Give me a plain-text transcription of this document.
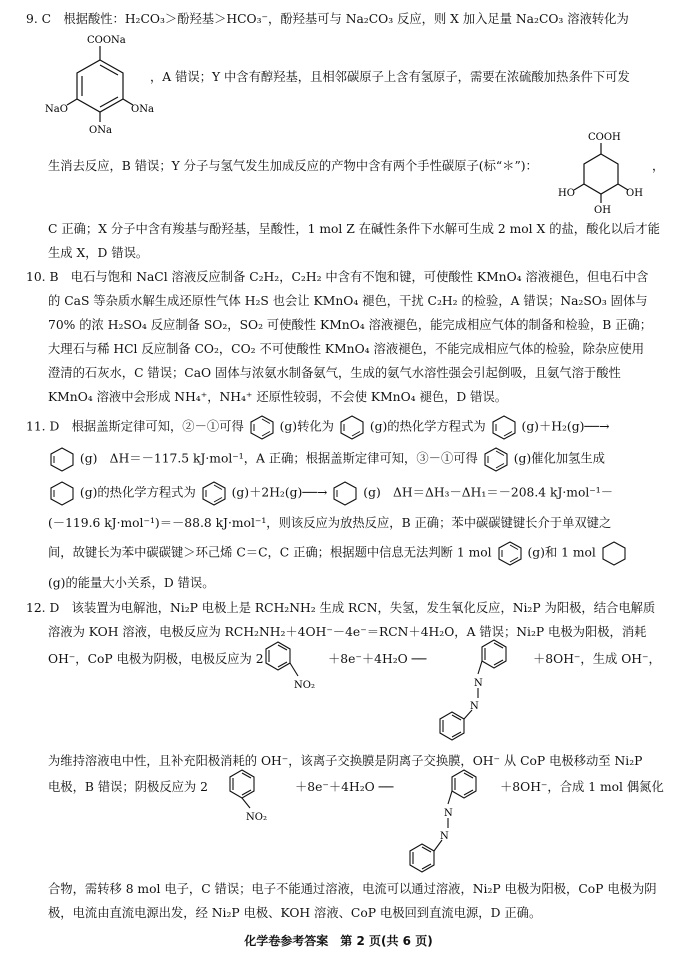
9. C　根据酸性：H₂CO₃＞酚羟基＞HCO₃⁻，酚羟基可与 Na₂CO₃ 反应，则 X 加入足量 Na₂CO₃ 溶液转化为
COONa
NaO	ONa
ONa
，A 错误；Y 中含有醇羟基，且相邻碳原子上含有氢原子，需要在浓硫酸加热条件下可发
生消去反应，B 错误；Y 分子与氢气发生加成反应的产物中含有两个手性碳原子(标“＊”)：
COOH
HO	OH
OH
，
C 正确；X 分子中含有羧基与酚羟基，呈酸性，1 mol Z 在碱性条件下水解可生成 2 mol X 的盐，酸化以后才能
生成 X，D 错误。
10. B　电石与饱和 NaCl 溶液反应制备 C₂H₂，C₂H₂ 中含有不饱和键，可使酸性 KMnO₄ 溶液褪色，但电石中含
的 CaS 等杂质水解生成还原性气体 H₂S 也会让 KMnO₄ 褪色，干扰 C₂H₂ 的检验，A 错误；Na₂SO₃ 固体与
70% 的浓 H₂SO₄ 反应制备 SO₂，SO₂ 可使酸性 KMnO₄ 溶液褪色，能完成相应气体的制备和检验，B 正确；
大理石与稀 HCl 反应制备 CO₂，CO₂ 不可使酸性 KMnO₄ 溶液褪色，不能完成相应气体的检验，除杂应使用
澄清的石灰水，C 错误；CaO 固体与浓氨水制备氨气，生成的氨气水溶性强会引起倒吸，且氨气溶于酸性
KMnO₄ 溶液中会形成 NH₄⁺，NH₄⁺ 还原性较弱，不会使 KMnO₄ 褪色，D 错误。
11. D　根据盖斯定律可知，②－①可得	(g)转化为	(g)的热化学方程式为	(g)＋H₂(g)──→
(g)　ΔH＝－117.5 kJ·mol⁻¹，A 正确；根据盖斯定律可知，③－①可得	(g)催化加氢生成
(g)的热化学方程式为	(g)＋2H₂(g)──→	(g)　ΔH＝ΔH₃－ΔH₁＝－208.4 kJ·mol⁻¹－
(－119.6 kJ·mol⁻¹)＝－88.8 kJ·mol⁻¹，则该反应为放热反应，B 正确；苯中碳碳键键长介于单双键之
间，故键长为苯中碳碳键＞环己烯 C＝C，C 正确；根据题中信息无法判断 1 mol	(g)和 1 mol
(g)的能量大小关系，D 错误。
12. D　该装置为电解池，Ni₂P 电极上是 RCH₂NH₂ 生成 RCN，失氢，发生氧化反应，Ni₂P 为阳极，结合电解质
溶液为 KOH 溶液，电极反应为 RCH₂NH₂＋4OH⁻－4e⁻＝RCN＋4H₂O，A 错误；Ni₂P 电极为阳极，消耗
OH⁻，CoP 电极为阴极，电极反应为 2
NO₂
＋8e⁻＋4H₂O ──
N
N
＋8OH⁻，生成 OH⁻，
为维持溶液电中性，且补充阳极消耗的 OH⁻，该离子交换膜是阴离子交换膜，OH⁻ 从 CoP 电极移动至 Ni₂P
电极，B 错误；阴极反应为 2
NO₂
＋8e⁻＋4H₂O ──
N
N
＋8OH⁻，合成 1 mol 偶氮化
合物，需转移 8 mol 电子，C 错误；电子不能通过溶液，电流可以通过溶液，Ni₂P 电极为阳极，CoP 电极为阴
极，电流由直流电源出发，经 Ni₂P 电极、KOH 溶液、CoP 电极回到直流电源，D 正确。
化学卷参考答案　第 2 页(共 6 页)
